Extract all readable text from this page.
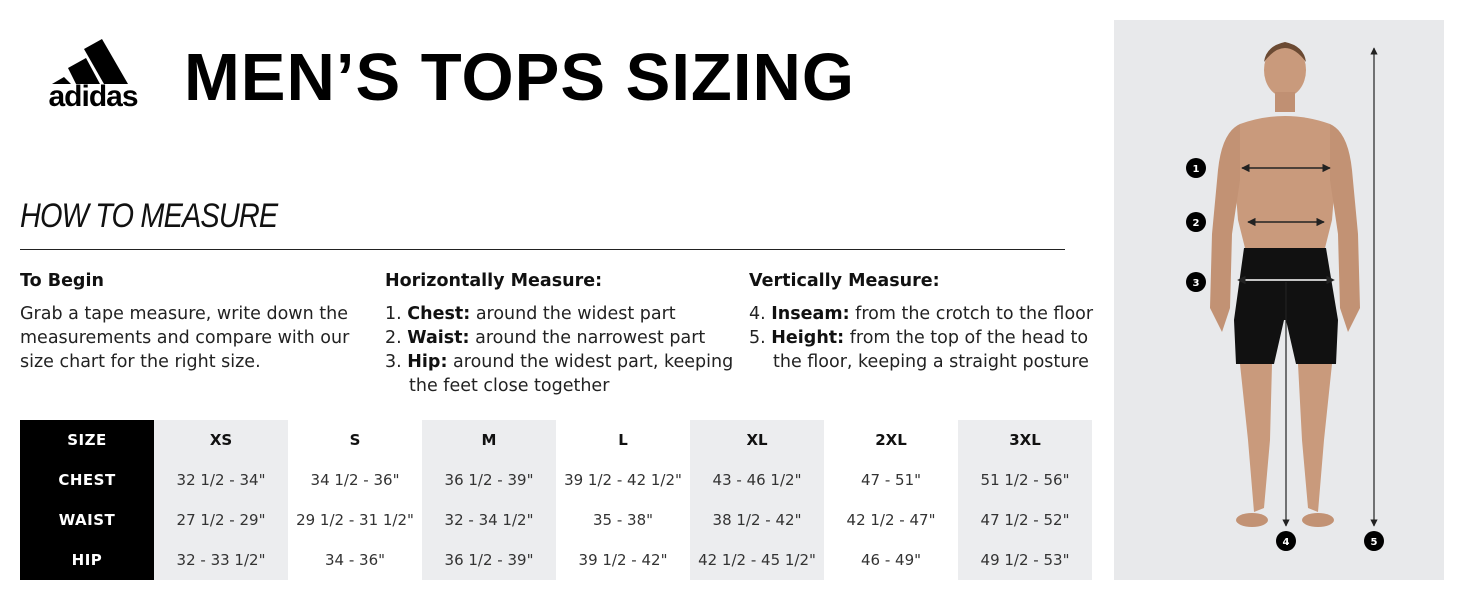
adidas MEN’S TOPS SIZING
HOW TO MEASURE
To Begin

Grab a tape measure, write down the measurements and compare with our size chart for the right size.

Horizontally Measure:

1. Chest: around the widest part

2. Waist: around the narrowest part

3. Hip: around the widest part, keeping the feet close together

Vertically Measure:

4. Inseam: from the crotch to the floor

5. Height: from the top of the head to the floor, keeping a straight posture

SIZE	XS	S	M	L	XL	2XL	3XL
CHEST	32 1/2 - 34"	34 1/2 - 36"	36 1/2 - 39"	39 1/2 - 42 1/2"	43 - 46 1/2"	47 - 51"	51 1/2 - 56"
WAIST	27 1/2 - 29"	29 1/2 - 31 1/2"	32 - 34 1/2"	35 - 38"	38 1/2 - 42"	42 1/2 - 47"	47 1/2 - 52"
HIP	32 - 33 1/2"	34 - 36"	36 1/2 - 39"	39 1/2 - 42"	42 1/2 - 45 1/2"	46 - 49"	49 1/2 - 53"
1
2
3
4	5
